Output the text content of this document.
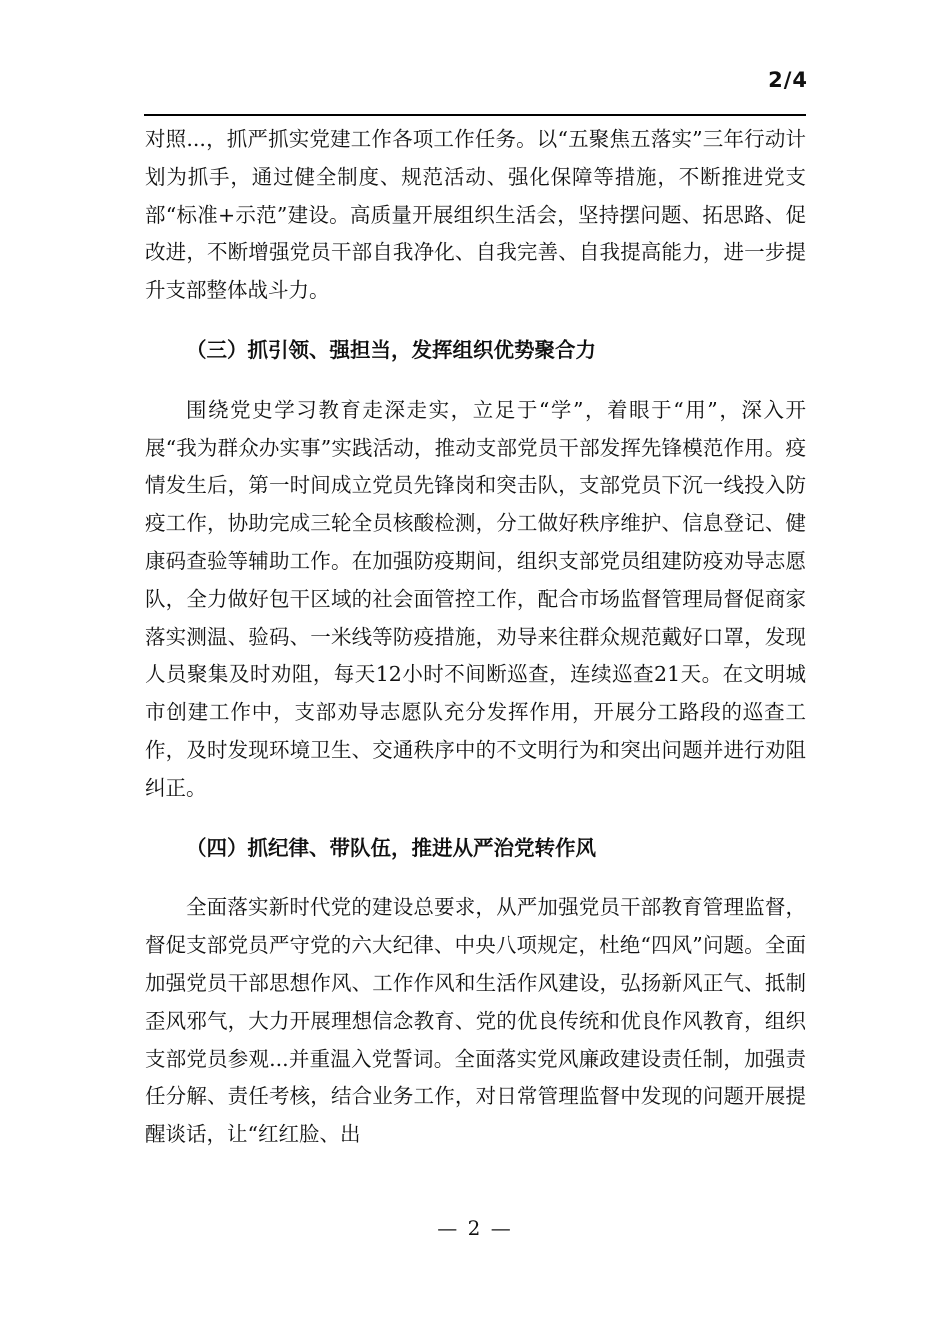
2/4

对照...，抓严抓实党建工作各项工作任务。以“五聚焦五落实”三年行动计划为抓手，通过健全制度、规范活动、强化保障等措施，不断推进党支部“标准+示范”建设。高质量开展组织生活会，坚持摆问题、拓思路、促改进，不断增强党员干部自我净化、自我完善、自我提高能力，进一步提升支部整体战斗力。

（三）抓引领、强担当，发挥组织优势聚合力

围绕党史学习教育走深走实，立足于“学”，着眼于“用”，深入开展“我为群众办实事”实践活动，推动支部党员干部发挥先锋模范作用。疫情发生后，第一时间成立党员先锋岗和突击队，支部党员下沉一线投入防疫工作，协助完成三轮全员核酸检测，分工做好秩序维护、信息登记、健康码查验等辅助工作。在加强防疫期间，组织支部党员组建防疫劝导志愿队，全力做好包干区域的社会面管控工作，配合市场监督管理局督促商家落实测温、验码、一米线等防疫措施，劝导来往群众规范戴好口罩，发现人员聚集及时劝阻，每天12小时不间断巡查，连续巡查21天。在文明城市创建工作中，支部劝导志愿队充分发挥作用，开展分工路段的巡查工作，及时发现环境卫生、交通秩序中的不文明行为和突出问题并进行劝阻纠正。

（四）抓纪律、带队伍，推进从严治党转作风

全面落实新时代党的建设总要求，从严加强党员干部教育管理监督，督促支部党员严守党的六大纪律、中央八项规定，杜绝“四风”问题。全面加强党员干部思想作风、工作作风和生活作风建设，弘扬新风正气、抵制歪风邪气，大力开展理想信念教育、党的优良传统和优良作风教育，组织支部党员参观...并重温入党誓词。全面落实党风廉政建设责任制，加强责任分解、责任考核，结合业务工作，对日常管理监督中发现的问题开展提醒谈话，让“红红脸、出

— 2 —
